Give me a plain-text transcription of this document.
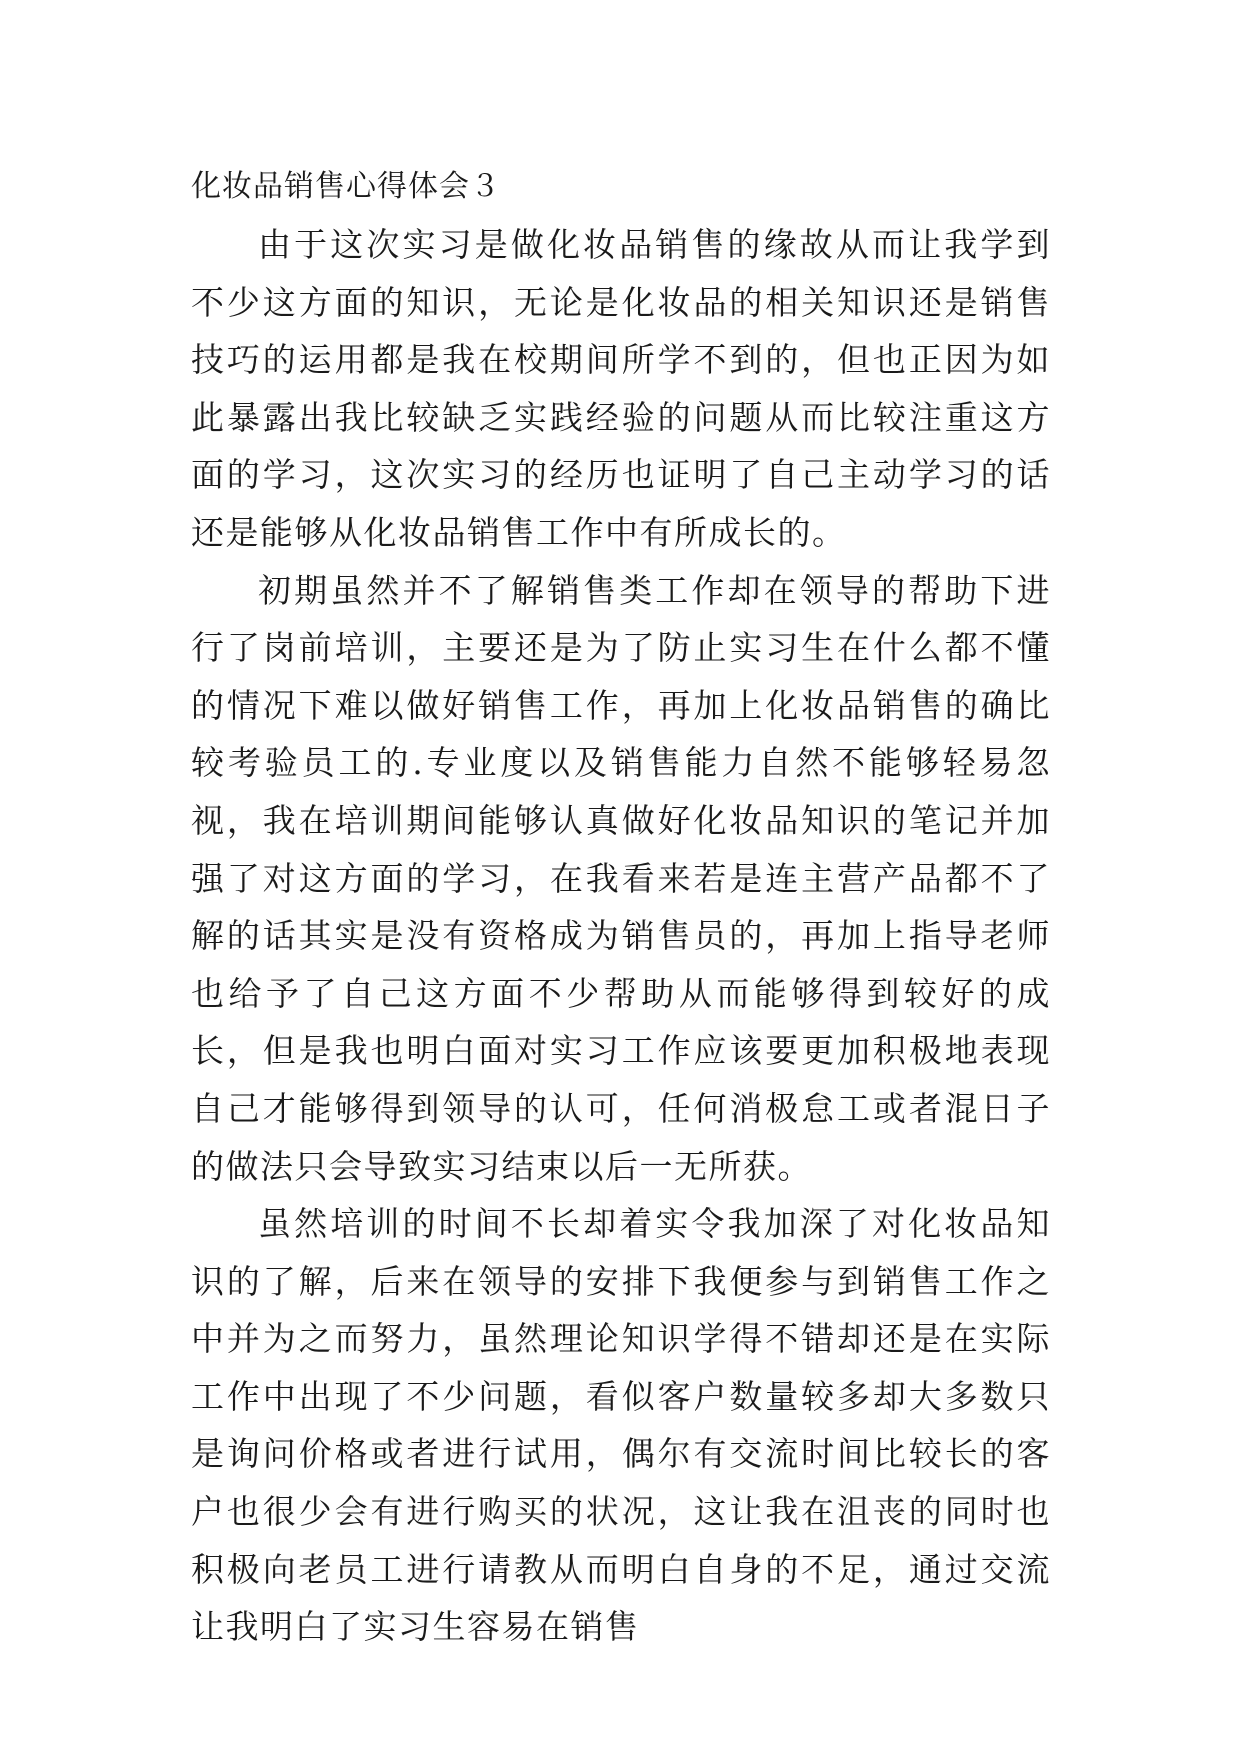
化妆品销售心得体会３

由于这次实习是做化妆品销售的缘故从而让我学到不少这方面的知识，无论是化妆品的相关知识还是销售技巧的运用都是我在校期间所学不到的，但也正因为如此暴露出我比较缺乏实践经验的问题从而比较注重这方面的学习，这次实习的经历也证明了自己主动学习的话还是能够从化妆品销售工作中有所成长的。

初期虽然并不了解销售类工作却在领导的帮助下进行了岗前培训，主要还是为了防止实习生在什么都不懂的情况下难以做好销售工作，再加上化妆品销售的确比较考验员工的.专业度以及销售能力自然不能够轻易忽视，我在培训期间能够认真做好化妆品知识的笔记并加强了对这方面的学习，在我看来若是连主营产品都不了解的话其实是没有资格成为销售员的，再加上指导老师也给予了自己这方面不少帮助从而能够得到较好的成长，但是我也明白面对实习工作应该要更加积极地表现自己才能够得到领导的认可，任何消极怠工或者混日子的做法只会导致实习结束以后一无所获。

虽然培训的时间不长却着实令我加深了对化妆品知识的了解，后来在领导的安排下我便参与到销售工作之中并为之而努力，虽然理论知识学得不错却还是在实际工作中出现了不少问题，看似客户数量较多却大多数只是询问价格或者进行试用，偶尔有交流时间比较长的客户也很少会有进行购买的状况，这让我在沮丧的同时也积极向老员工进行请教从而明白自身的不足，通过交流让我明白了实习生容易在销售
